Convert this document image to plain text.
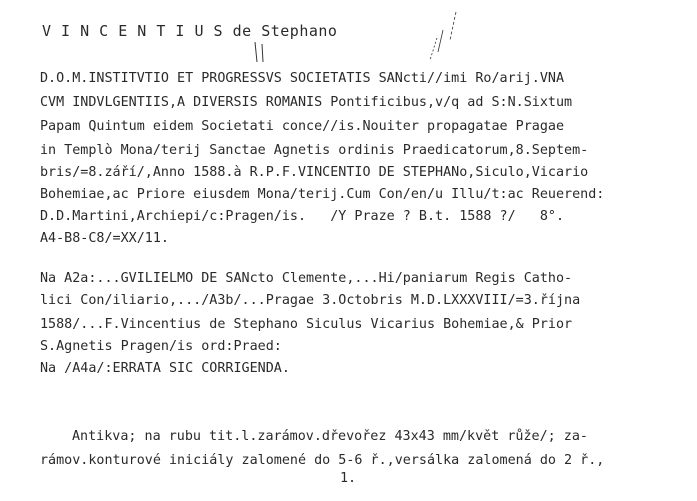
V I N C E N T I U S de Stephano
D.O.M.INSTITVTIO ET PROGRESSVS SOCIETATIS SANcti//imi Ro/arij.VNA
CVM INDVLGENTIIS,A DIVERSIS ROMANIS Pontificibus,v/q ad S:N.Sixtum
Papam Quintum eidem Societati conce//is.Nouiter propagatae Pragae
in Templò Mona/terij Sanctae Agnetis ordinis Praedicatorum,8.Septem-
bris/=8.září/,Anno 1588.à R.P.F.VINCENTIO DE STEPHANo,Siculo,Vicario
Bohemiae,ac Priore eiusdem Mona/terij.Cum Con/en/u Illu/t:ac Reuerend:
D.D.Martini,Archiepi/c:Pragen/is.   /Y Praze ? B.t. 1588 ?/   8°.
A4-B8-C8/=XX/11.
Na A2a:...GVILIELMO DE SANcto Clemente,...Hi/paniarum Regis Catho-
lici Con/iliario,.../A3b/...Pragae 3.Octobris M.D.LXXXVIII/=3.října
1588/...F.Vincentius de Stephano Siculus Vicarius Bohemiae,& Prior
S.Agnetis Pragen/is ord:Praed:
Na /A4a/:ERRATA SIC CORRIGENDA.
Antikva; na rubu tit.l.zarámov.dřevořez 43x43 mm/květ růže/; za-
rámov.konturové iniciály zalomené do 5-6 ř.,versálka zalomená do 2 ř.,
1.
